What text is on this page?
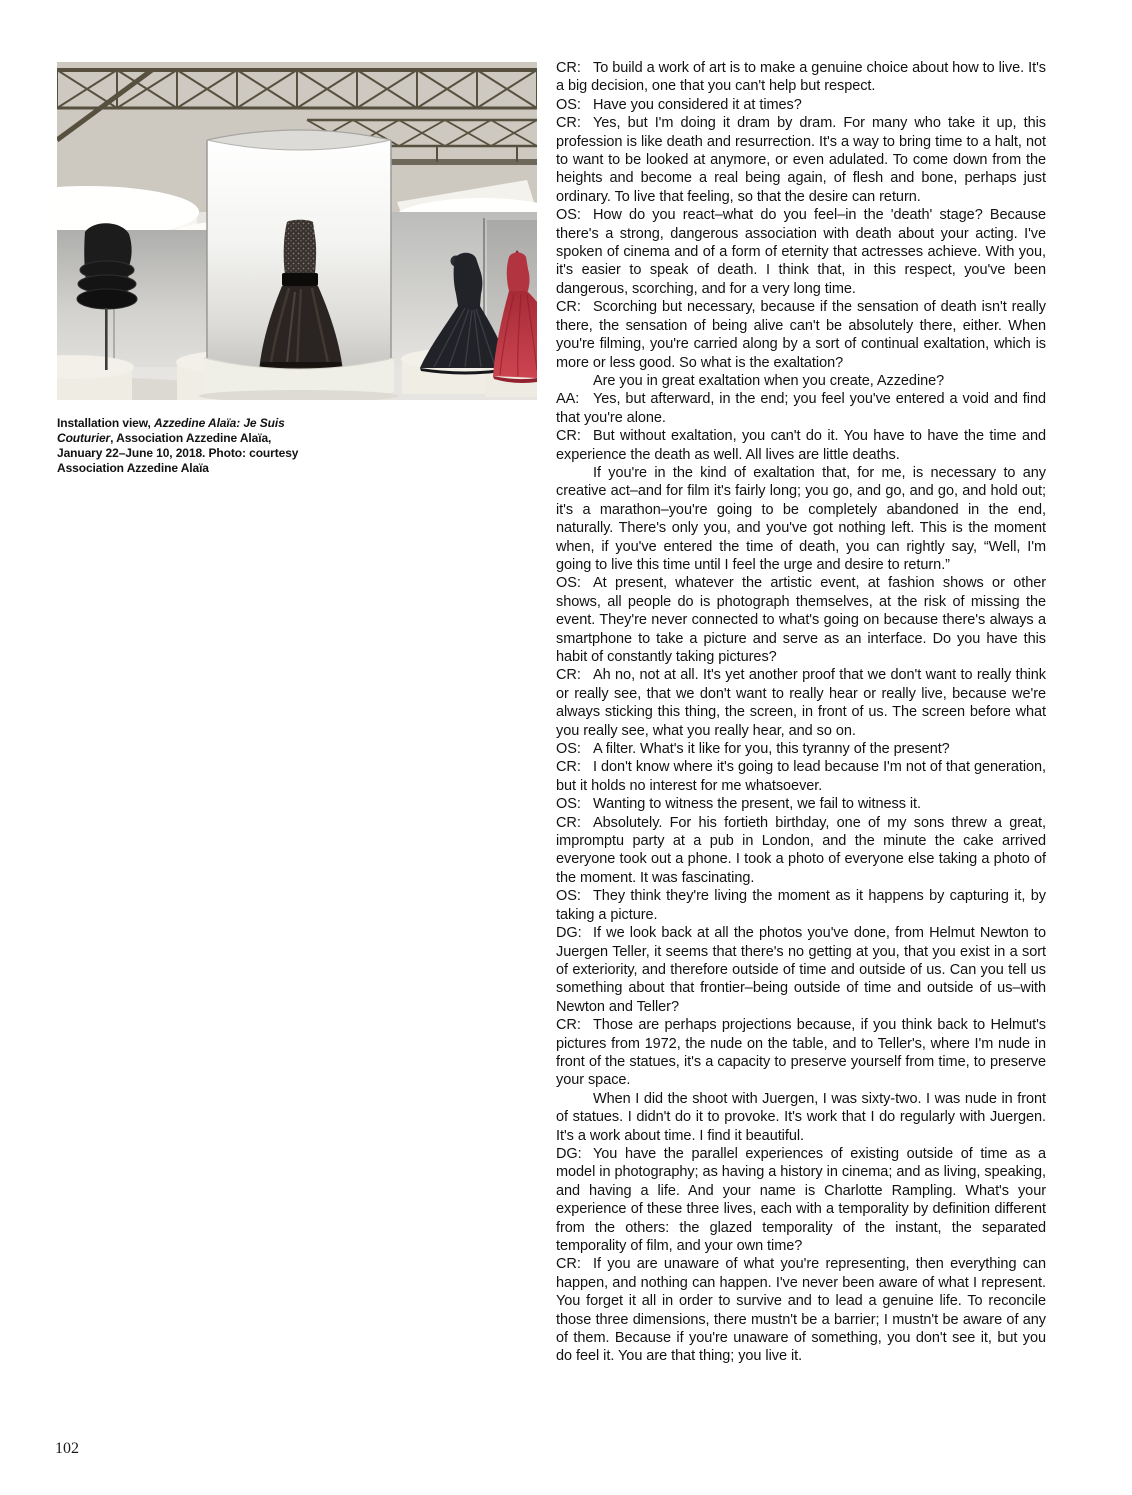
Installation view, Azzedine Alaïa: Je Suis Couturier, Association Azzedine Alaïa, January 22–June 10, 2018. Photo: courtesy Association Azzedine Alaïa

CR: To build a work of art is to make a genuine choice about how to live. It's a big decision, one that you can't help but respect.

OS: Have you considered it at times?

CR: Yes, but I'm doing it dram by dram. For many who take it up, this profession is like death and resurrection. It's a way to bring time to a halt, not to want to be looked at anymore, or even adulated. To come down from the heights and become a real being again, of flesh and bone, perhaps just ordinary. To live that feeling, so that the desire can return.

OS: How do you react–what do you feel–in the 'death' stage? Because there's a strong, dangerous association with death about your acting. I've spoken of cinema and of a form of eternity that actresses achieve. With you, it's easier to speak of death. I think that, in this respect, you've been dangerous, scorching, and for a very long time.

CR: Scorching but necessary, because if the sensation of death isn't really there, the sensation of being alive can't be absolutely there, either. When you're filming, you're carried along by a sort of continual exaltation, which is more or less good. So what is the exaltation?

Are you in great exaltation when you create, Azzedine?

AA: Yes, but afterward, in the end; you feel you've entered a void and find that you're alone.

CR: But without exaltation, you can't do it. You have to have the time and experience the death as well. All lives are little deaths.

If you're in the kind of exaltation that, for me, is necessary to any creative act–and for film it's fairly long; you go, and go, and go, and hold out; it's a marathon–you're going to be completely abandoned in the end, naturally. There's only you, and you've got nothing left. This is the moment when, if you've entered the time of death, you can rightly say, “Well, I'm going to live this time until I feel the urge and desire to return.”

OS: At present, whatever the artistic event, at fashion shows or other shows, all people do is photograph themselves, at the risk of missing the event. They're never connected to what's going on because there's always a smartphone to take a picture and serve as an interface. Do you have this habit of constantly taking pictures?

CR: Ah no, not at all. It's yet another proof that we don't want to really think or really see, that we don't want to really hear or really live, because we're always sticking this thing, the screen, in front of us. The screen before what you really see, what you really hear, and so on.

OS: A filter. What's it like for you, this tyranny of the present?

CR: I don't know where it's going to lead because I'm not of that generation, but it holds no interest for me whatsoever.

OS: Wanting to witness the present, we fail to witness it.

CR: Absolutely. For his fortieth birthday, one of my sons threw a great, impromptu party at a pub in London, and the minute the cake arrived everyone took out a phone. I took a photo of everyone else taking a photo of the moment. It was fascinating.

OS: They think they're living the moment as it happens by capturing it, by taking a picture.

DG: If we look back at all the photos you've done, from Helmut Newton to Juergen Teller, it seems that there's no getting at you, that you exist in a sort of exteriority, and therefore outside of time and outside of us. Can you tell us something about that frontier–being outside of time and outside of us–with Newton and Teller?

CR: Those are perhaps projections because, if you think back to Helmut's pictures from 1972, the nude on the table, and to Teller's, where I'm nude in front of the statues, it's a capacity to preserve yourself from time, to preserve your space.

When I did the shoot with Juergen, I was sixty-two. I was nude in front of statues. I didn't do it to provoke. It's work that I do regularly with Juergen. It's a work about time. I find it beautiful.

DG: You have the parallel experiences of existing outside of time as a model in photography; as having a history in cinema; and as living, speaking, and having a life. And your name is Charlotte Rampling. What's your experience of these three lives, each with a temporality by definition different from the others: the glazed temporality of the instant, the separated temporality of film, and your own time?

CR: If you are unaware of what you're representing, then everything can happen, and nothing can happen. I've never been aware of what I represent. You forget it all in order to survive and to lead a genuine life. To reconcile those three dimensions, there mustn't be a barrier; I mustn't be aware of any of them. Because if you're unaware of something, you don't see it, but you do feel it. You are that thing; you live it.

102
